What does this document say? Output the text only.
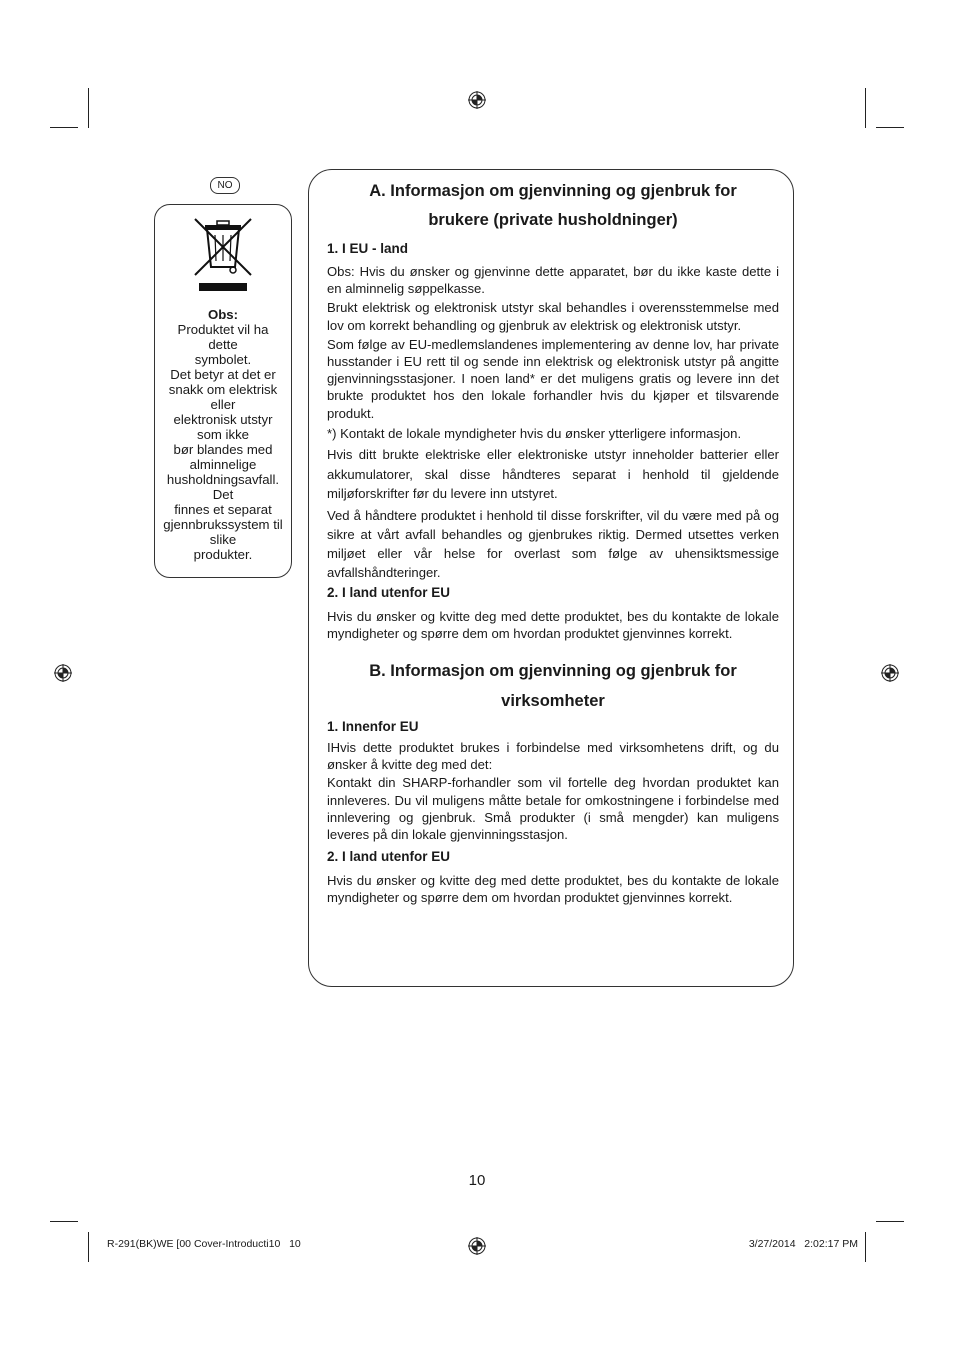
NO
Obs:
Produktet vil ha
dette
symbolet.
Det betyr at det er
snakk om elektrisk
eller
elektronisk utstyr
som ikke
bør blandes med
alminnelige
husholdningsavfall.
Det
finnes et separat
gjennbrukssystem til
slike
produkter.
A. Informasjon om gjenvinning og gjenbruk for brukere (private husholdninger)
1. I EU - land

Obs: Hvis du ønsker og gjenvinne dette apparatet, bør du ikke kaste dette i en alminnelig søppelkasse.

Brukt elektrisk og elektronisk utstyr skal behandles i overensstemmelse med lov om korrekt behandling og gjenbruk av elektrisk og elektronisk utstyr.

Som følge av EU-medlemslandenes implementering av denne lov, har private husstander i EU rett til og sende inn elektrisk og elektronisk utstyr på angitte gjenvinningsstasjoner. I noen land* er det muligens gratis og levere inn det brukte produktet hos den lokale forhandler hvis du kjøper et tilsvarende produkt.

*) Kontakt de lokale myndigheter hvis du ønsker ytterligere informasjon.

Hvis ditt brukte elektriske eller elektroniske utstyr inneholder batterier eller akkumulatorer, skal disse håndteres separat i henhold til gjeldende miljøforskrifter før du levere inn utstyret.

Ved å håndtere produktet i henhold til disse forskrifter, vil du være med på og sikre at vårt avfall behandles og gjenbrukes riktig. Dermed utsettes verken miljøet eller vår helse for overlast som følge av uhensiktsmessige avfallshåndteringer.

2. I land utenfor EU

Hvis du ønsker og kvitte deg med dette produktet, bes du kontakte de lokale myndigheter og spørre dem om hvordan produktet gjenvinnes korrekt.

B. Informasjon om gjenvinning og gjenbruk for virksomheter
1. Innenfor EU

IHvis dette produktet brukes i forbindelse med virksomhetens drift, og du ønsker å kvitte deg med det:

Kontakt din SHARP-forhandler som vil fortelle deg hvordan produktet kan innleveres. Du vil muligens måtte betale for omkostningene i forbindelse med innlevering og gjenbruk. Små produkter (i små mengder) kan muligens leveres på din lokale gjenvinningsstasjon.

2. I land utenfor EU

Hvis du ønsker og kvitte deg med dette produktet, bes du kontakte de lokale myndigheter og spørre dem om hvordan produktet gjenvinnes korrekt.

10
R-291(BK)WE [00 Cover-Introducti10   10	3/27/2014   2:02:17 PM
